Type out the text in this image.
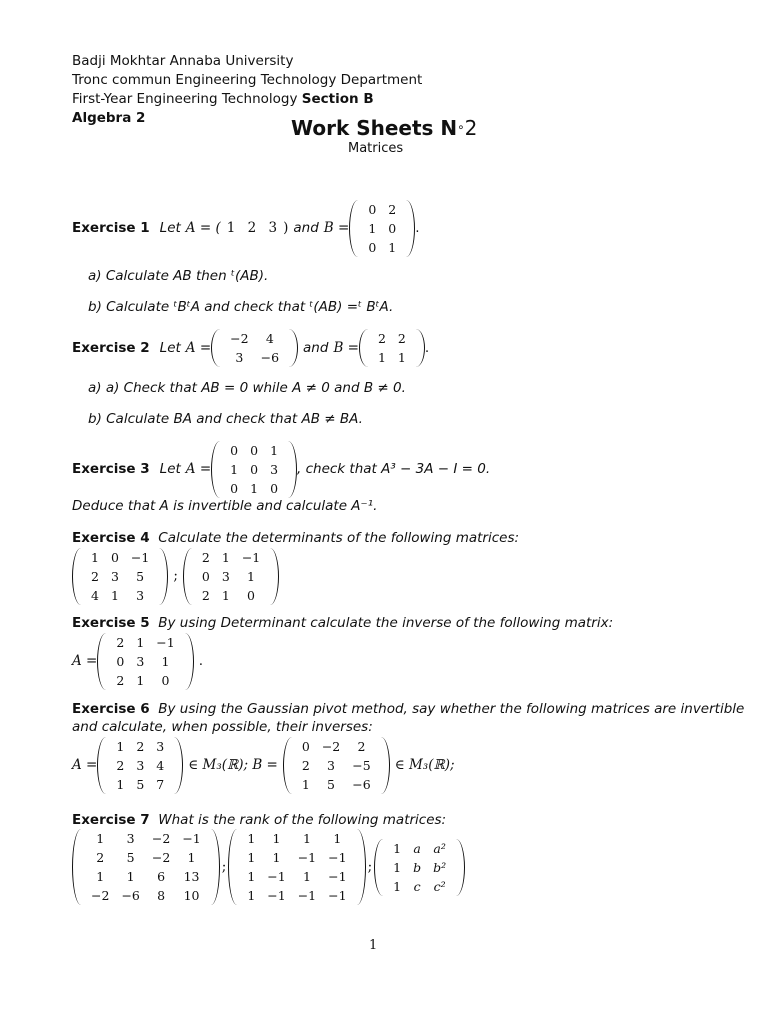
Badji Mokhtar Annaba University
Tronc commun Engineering Technology Department
First-Year Engineering Technology Section B
Algebra 2	Work Sheets N∘2
Matrices
Exercise 1 Let A = ( 1 2 3 ) and B =
0	2
1	0
0	1
.
a) Calculate AB then ᵗ(AB).
b) Calculate ᵗBᵗA and check that ᵗ(AB) =ᵗ BᵗA.
Exercise 2 Let A =
−2	4
3	−6
and B =
2	2
1	1
.
a) a) Check that AB = 0 while A ≠ 0 and B ≠ 0.
b) Calculate BA and check that AB ≠ BA.
Exercise 3 Let A =
0	0	1
1	0	3
0	1	0
, check that A³ − 3A − I = 0.
Deduce that A is invertible and calculate A⁻¹.
Exercise 4 Calculate the determinants of the following matrices:
1	0	−1
2	3	5
4	1	3
;
2	1	−1
0	3	1
2	1	0
Exercise 5 By using Determinant calculate the inverse of the following matrix:
A =
2	1	−1
0	3	1
2	1	0
.
Exercise 6 By using the Gaussian pivot method, say whether the following matrices are invertible
and calculate, when possible, their inverses:
A =
1	2	3
2	3	4
1	5	7
∈ M₃(ℝ); B =
0	−2	2
2	3	−5
1	5	−6
∈ M₃(ℝ);
Exercise 7 What is the rank of the following matrices:
1	3	−2	−1
2	5	−2	1
1	1	6	13
−2	−6	8	10
;
1	1	1	1
1	1	−1	−1
1	−1	1	−1
1	−1	−1	−1
;
1	a	a²
1	b	b²
1	c	c²
1
